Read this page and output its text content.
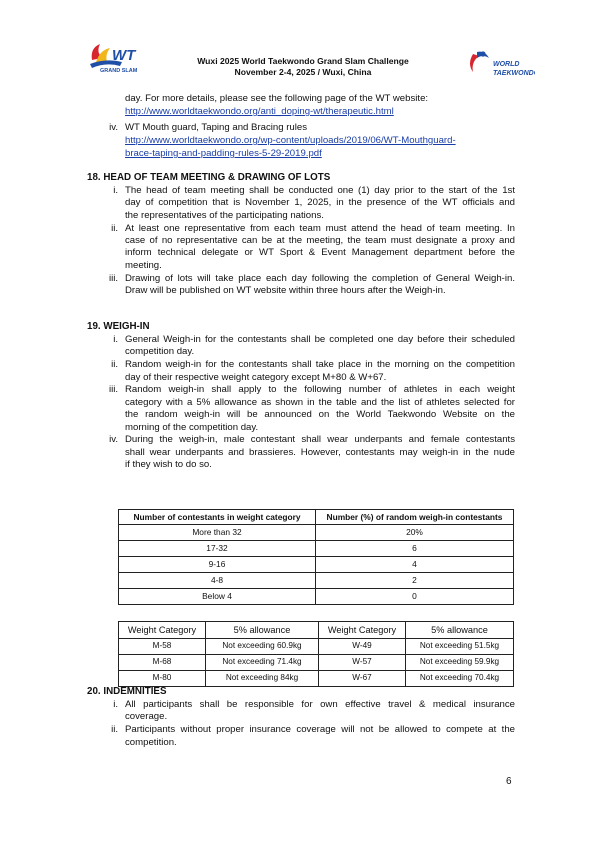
WT
GRAND SLAM
Wuxi 2025 World Taekwondo Grand Slam Challenge
November 2-4, 2025 / Wuxi, China
WORLD
TAEKWONDO
day. For more details, please see the following page of the WT website:
http://www.worldtaekwondo.org/anti_doping-wt/therapeutic.html
iv. WT Mouth guard, Taping and Bracing rules
http://www.worldtaekwondo.org/wp-content/uploads/2019/06/WT-Mouthguard-
brace-taping-and-padding-rules-5-29-2019.pdf
18. HEAD OF TEAM MEETING & DRAWING OF LOTS
i. The head of team meeting shall be conducted one (1) day prior to the start of the 1st
day of competition that is November 1, 2025, in the presence of the WT officials and
the representatives of the participating nations.
ii. At least one representative from each team must attend the head of team meeting. In
case of no representative can be at the meeting, the team must designate a proxy and
inform technical delegate or WT Sport & Event Management department before the
meeting.
iii. Drawing of lots will take place each day following the completion of General Weigh-in.
Draw will be published on WT website within three hours after the Weigh-in.
19. WEIGH-IN
i. General Weigh-in for the contestants shall be completed one day before their scheduled
competition day.
ii. Random weigh-in for the contestants shall take place in the morning on the competition
day of their respective weight category except M+80 & W+67.
iii. Random weigh-in shall apply to the following number of athletes in each weight
category with a 5% allowance as shown in the table and the list of athletes selected for
the random weigh-in will be announced on the World Taekwondo Website on the
morning of the competition day.
iv. During the weigh-in, male contestant shall wear underpants and female contestants
shall wear underpants and brassieres. However, contestants may weigh-in in the nude
if they wish to do so.
Number of contestants in weight category	Number (%) of random weigh-in contestants
More than 32	20%
17-32	6
9-16	4
4-8	2
Below 4	0
Weight Category	5% allowance	Weight Category	5% allowance
M-58	Not exceeding 60.9kg	W-49	Not exceeding 51.5kg
M-68	Not exceeding 71.4kg	W-57	Not exceeding 59.9kg
M-80	Not exceeding 84kg	W-67	Not exceeding 70.4kg
20. INDEMNITIES
i. All participants shall be responsible for own effective travel & medical insurance
coverage.
ii. Participants without proper insurance coverage will not be allowed to compete at the
competition.
6
